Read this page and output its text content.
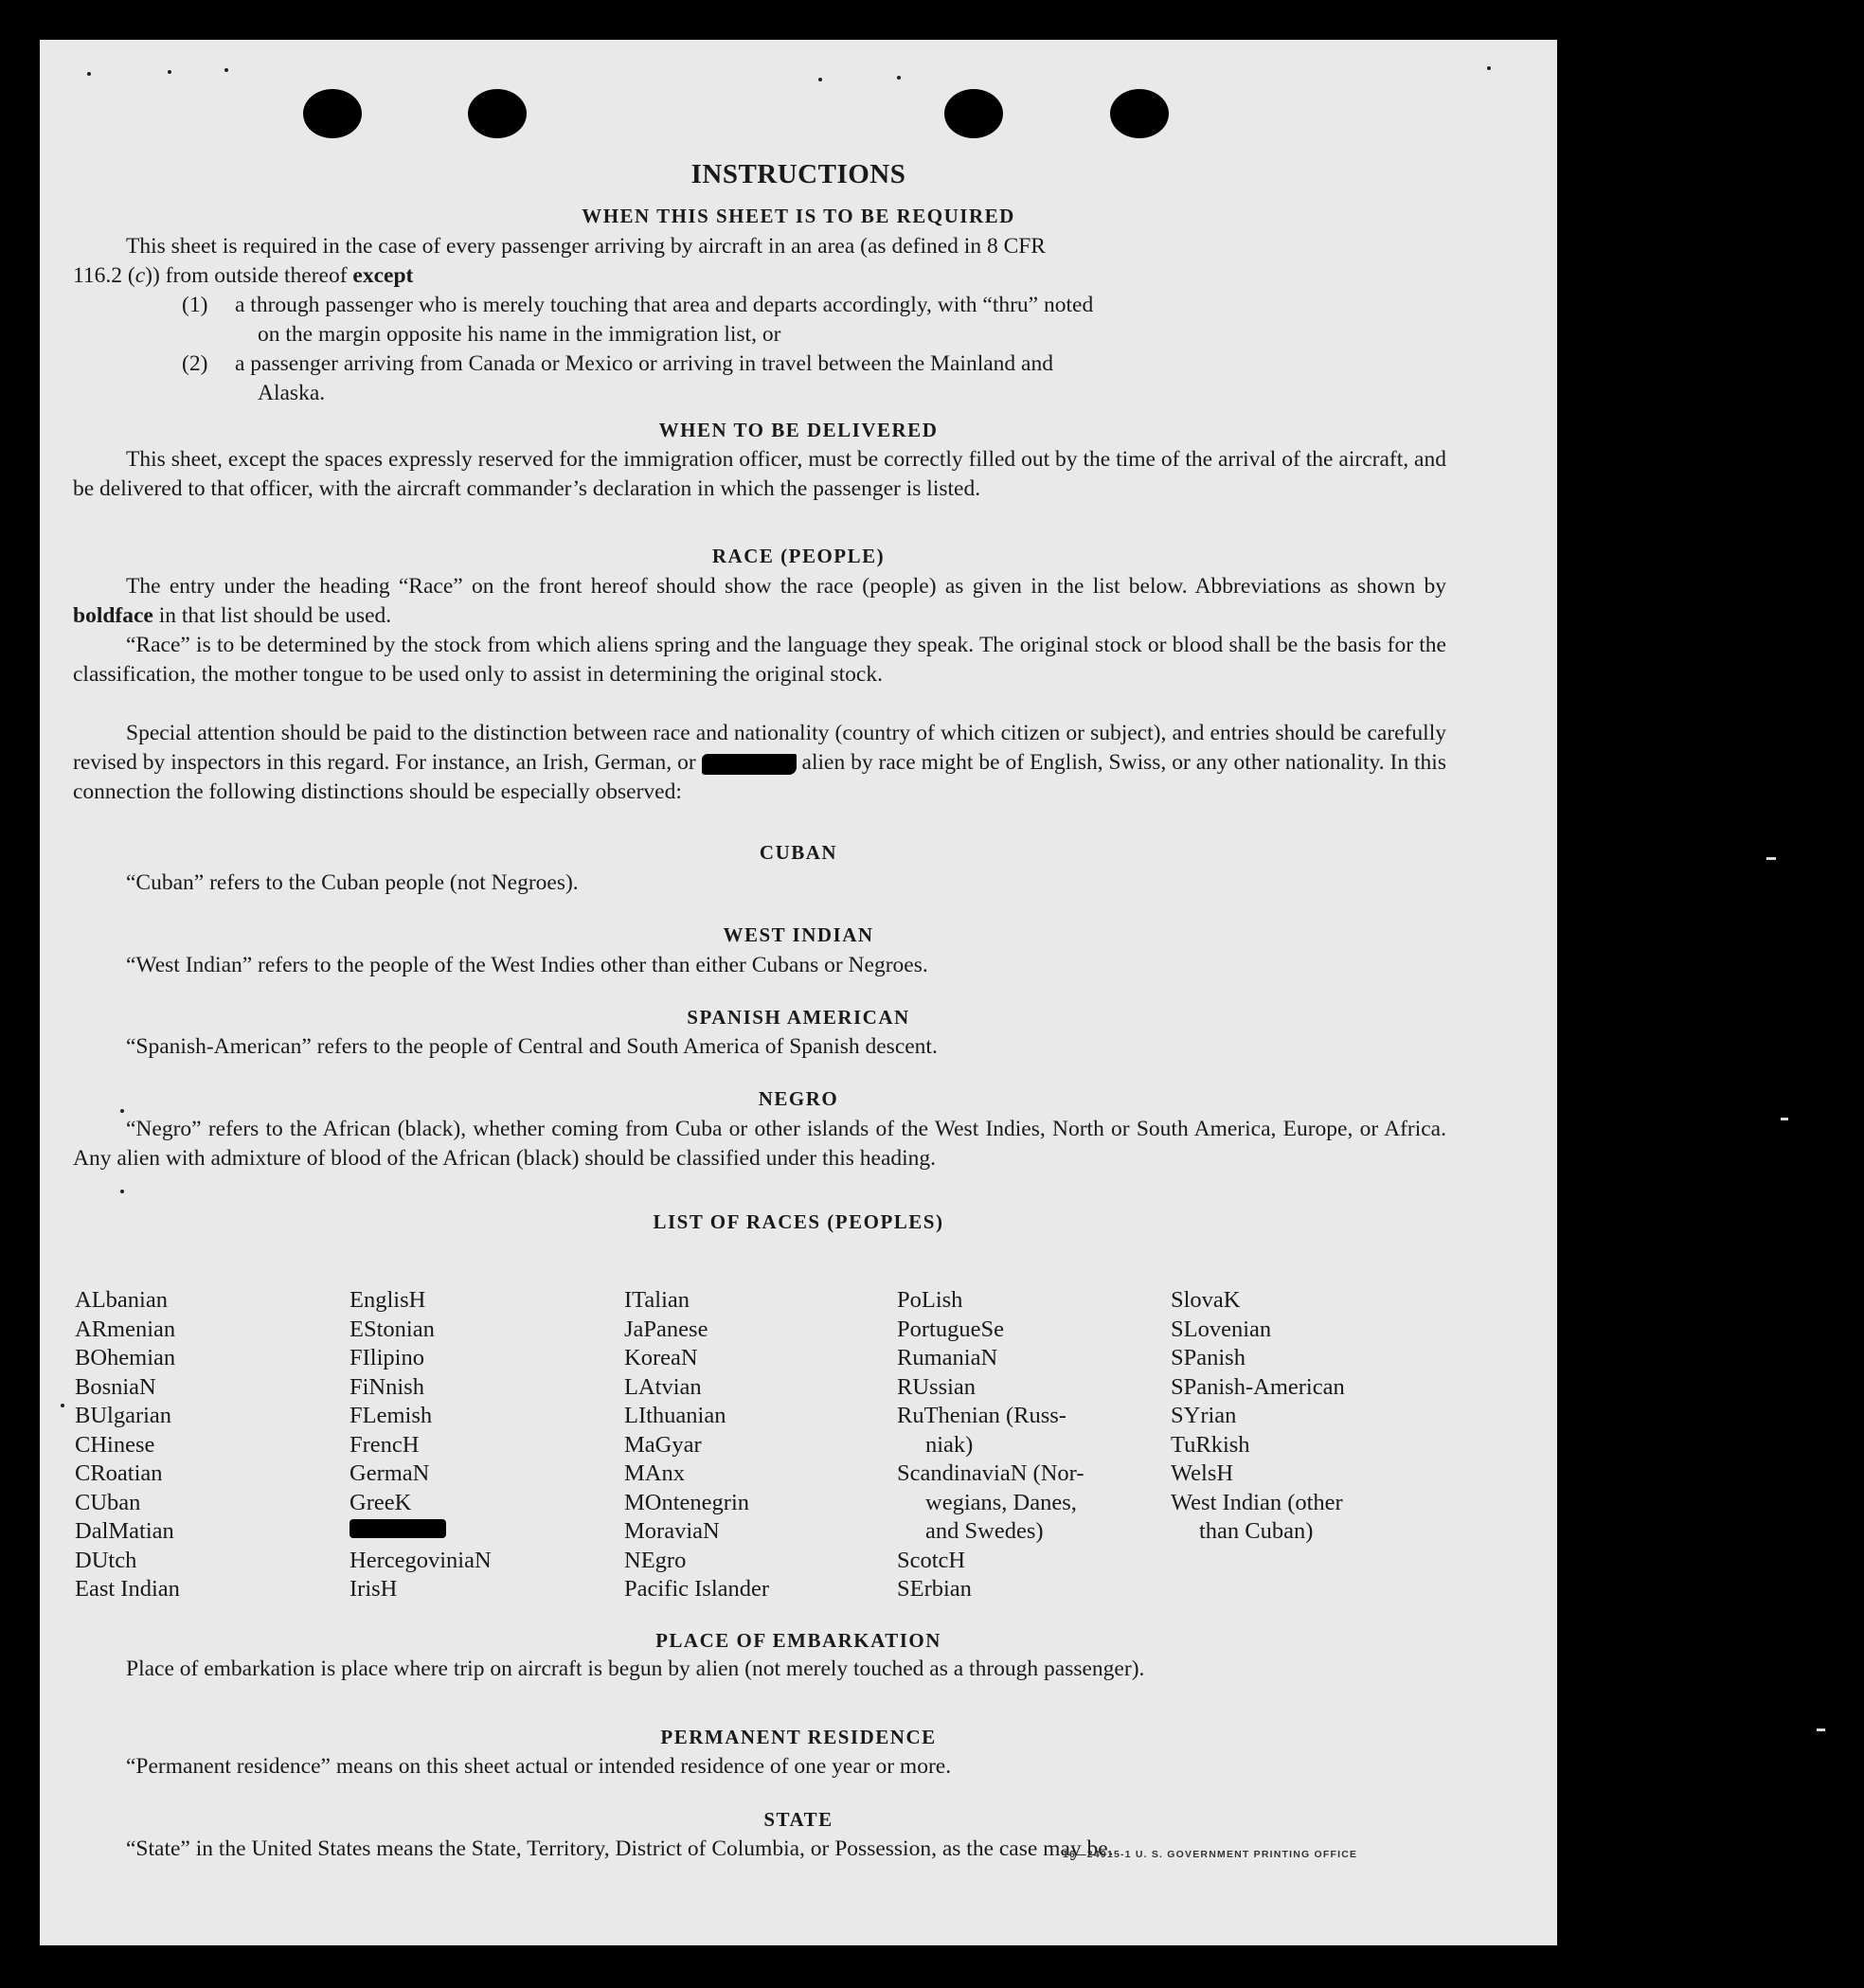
INSTRUCTIONS
WHEN THIS SHEET IS TO BE REQUIRED

This sheet is required in the case of every passenger arriving by aircraft in an area (as defined in 8 CFR
116.2 (c)) from outside thereof except

(1) a through passenger who is merely touching that area and departs accordingly, with “thru” noted
on the margin opposite his name in the immigration list, or
(2) a passenger arriving from Canada or Mexico or arriving in travel between the Mainland and
Alaska.
WHEN TO BE DELIVERED

This sheet, except the spaces expressly reserved for the immigration officer, must be correctly filled out by the time of the arrival of the aircraft, and be delivered to that officer, with the aircraft commander’s declaration in which the passenger is listed.

RACE (PEOPLE)

The entry under the heading “Race” on the front hereof should show the race (people) as given in the list below. Abbreviations as shown by boldface in that list should be used.

“Race” is to be determined by the stock from which aliens spring and the language they speak. The original stock or blood shall be the basis for the classification, the mother tongue to be used only to assist in determining the original stock.

Special attention should be paid to the distinction between race and nationality (country of which citizen or subject), and entries should be carefully revised by inspectors in this regard. For instance, an Irish, German, or	alien by race might be of English, Swiss, or any other nationality. In this connection the following distinctions should be especially observed:

CUBAN

“Cuban” refers to the Cuban people (not Negroes).

WEST INDIAN

“West Indian” refers to the people of the West Indies other than either Cubans or Negroes.

SPANISH AMERICAN

“Spanish-American” refers to the people of Central and South America of Spanish descent.

NEGRO

“Negro” refers to the African (black), whether coming from Cuba or other islands of the West Indies, North or South America, Europe, or Africa. Any alien with admixture of blood of the African (black) should be classified under this heading.

LIST OF RACES (PEOPLES)
ALbanian
ARmenian
BOhemian
BosniaN
BUlgarian
CHinese
CRoatian
CUban
DalMatian
DUtch
East Indian
EnglisH
EStonian
FIlipino
FiNnish
FLemish
FrencH
GermaN
GreeK
HercegoviniaN
IrisH
ITalian
JaPanese
KoreaN
LAtvian
LIthuanian
MaGyar
MAnx
MOntenegrin
MoraviaN
NEgro
Pacific Islander
PoLish
PortugueSe
RumaniaN
RUssian
RuThenian (Russ-
niak)
ScandinaviaN (Nor-
wegians, Danes,
and Swedes)
ScotcH
SErbian
SlovaK
SLovenian
SPanish
SPanish-American
SYrian
TuRkish
WelsH
West Indian (other
than Cuban)
PLACE OF EMBARKATION

Place of embarkation is place where trip on aircraft is begun by alien (not merely touched as a through passenger).

PERMANENT RESIDENCE

“Permanent residence” means on this sheet actual or intended residence of one year or more.

STATE

“State” in the United States means the State, Territory, District of Columbia, or Possession, as the case may be.

16—24915-1 U. S. GOVERNMENT PRINTING OFFICE
